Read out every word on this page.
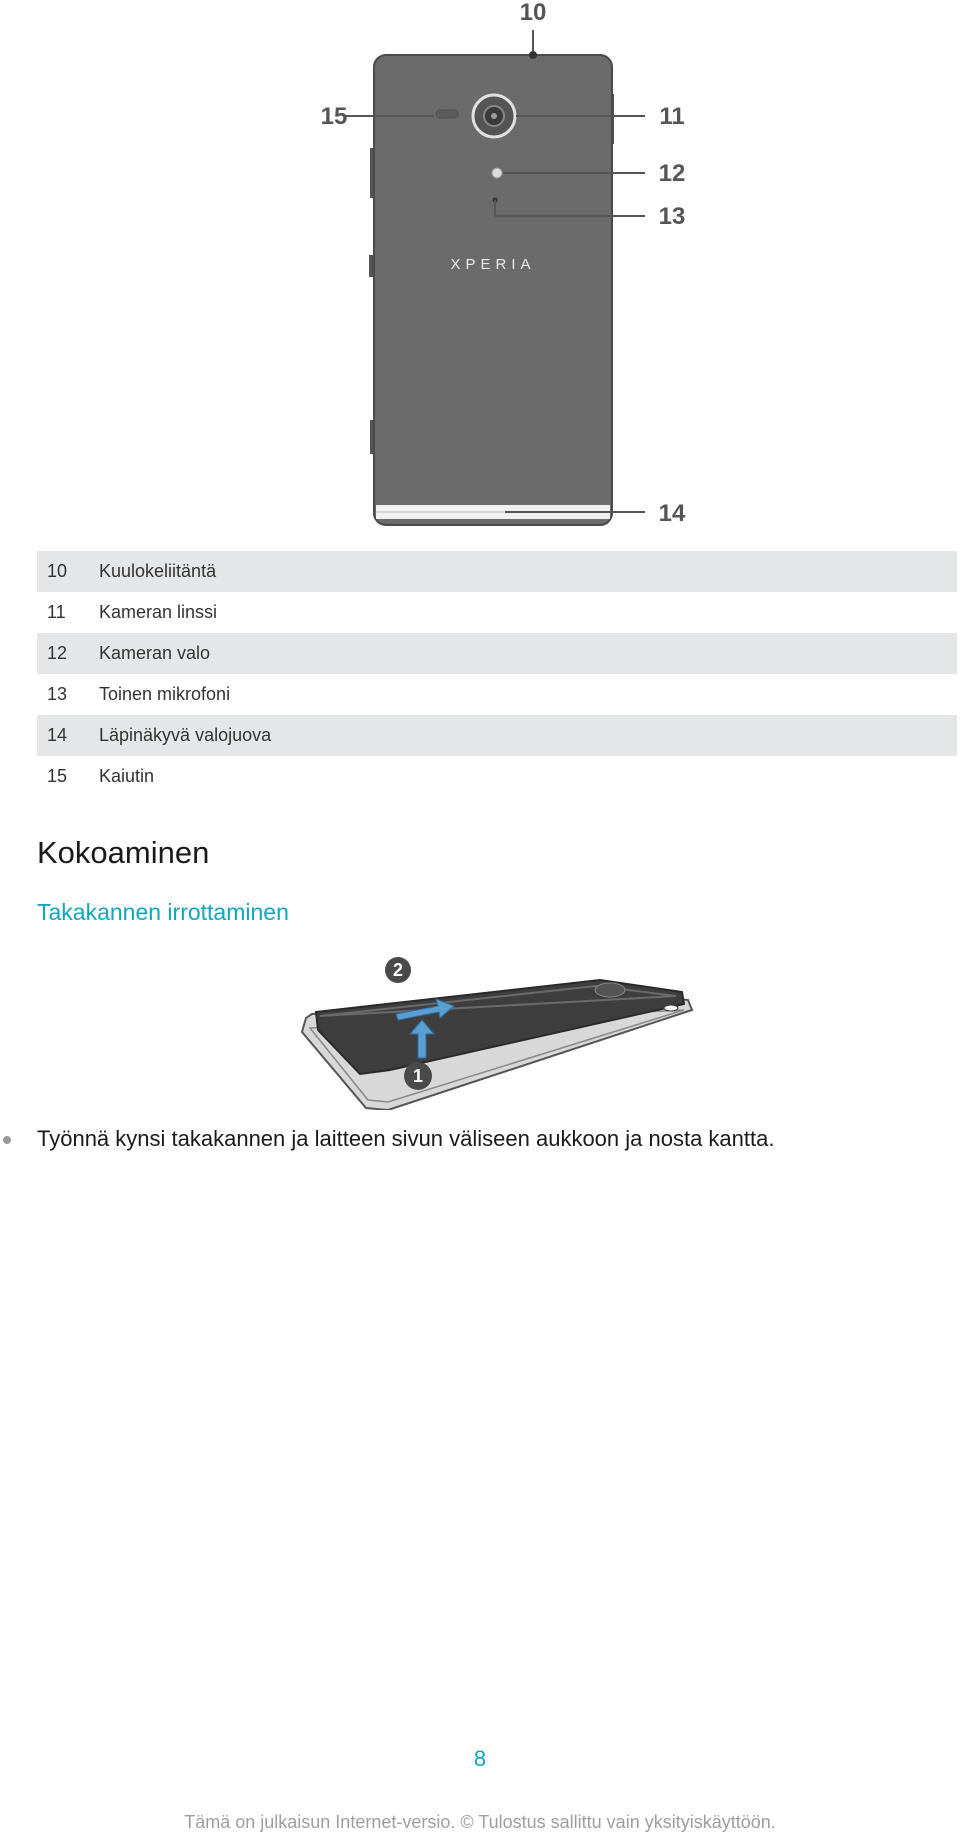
XPERIA
10
11
12
13
14
15
10	Kuulokeliitäntä
11	Kameran linssi
12	Kameran valo
13	Toinen mikrofoni
14	Läpinäkyvä valojuova
15	Kaiutin
Kokoaminen
Takakannen irrottaminen
1
2
Työnnä kynsi takakannen ja laitteen sivun väliseen aukkoon ja nosta kantta.
8
Tämä on julkaisun Internet-versio. © Tulostus sallittu vain yksityiskäyttöön.
